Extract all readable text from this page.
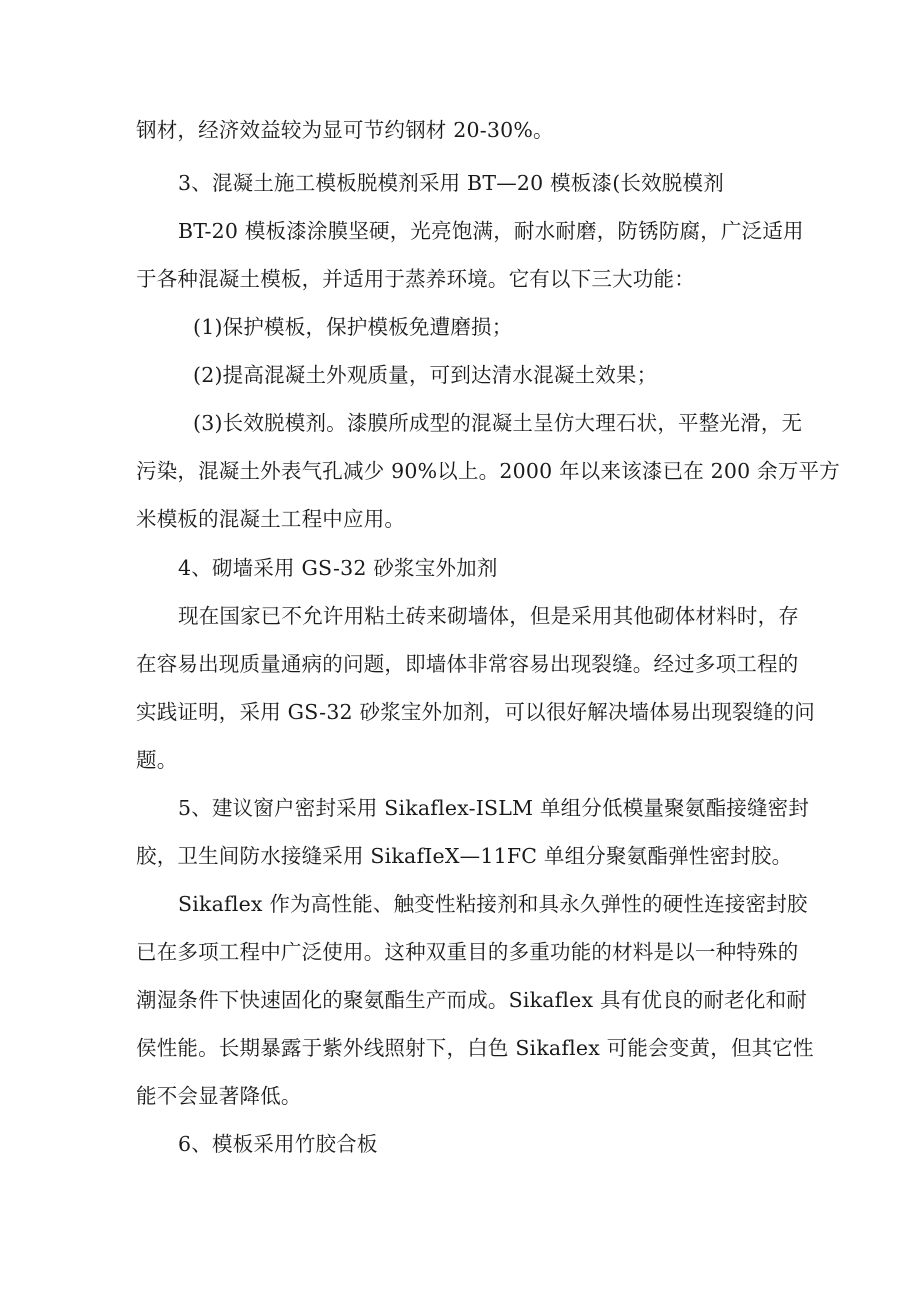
钢材，经济效益较为显可节约钢材 20-30%。
3、混凝土施工模板脱模剂采用 BT—20 模板漆(长效脱模剂
BT-20 模板漆涂膜坚硬，光亮饱满，耐水耐磨，防锈防腐，广泛适用
于各种混凝土模板，并适用于蒸养环境。它有以下三大功能：
(1)保护模板，保护模板免遭磨损；
(2)提高混凝土外观质量，可到达清水混凝土效果；
(3)长效脱模剂。漆膜所成型的混凝土呈仿大理石状，平整光滑，无
污染，混凝土外表气孔减少 90%以上。2000 年以来该漆已在 200 余万平方
米模板的混凝土工程中应用。
4、砌墙采用 GS-32 砂浆宝外加剂
现在国家已不允许用粘土砖来砌墙体，但是采用其他砌体材料时，存
在容易出现质量通病的问题，即墙体非常容易出现裂缝。经过多项工程的
实践证明，采用 GS-32 砂浆宝外加剂，可以很好解决墙体易出现裂缝的问
题。
5、建议窗户密封采用 Sikaflex-ISLM 单组分低模量聚氨酯接缝密封
胶，卫生间防水接缝采用 SikafIeX—11FC 单组分聚氨酯弹性密封胶。
Sikaflex 作为高性能、触变性粘接剂和具永久弹性的硬性连接密封胶
已在多项工程中广泛使用。这种双重目的多重功能的材料是以一种特殊的
潮湿条件下快速固化的聚氨酯生产而成。Sikaflex 具有优良的耐老化和耐
侯性能。长期暴露于紫外线照射下，白色 Sikaflex 可能会变黄，但其它性
能不会显著降低。
6、模板采用竹胶合板
